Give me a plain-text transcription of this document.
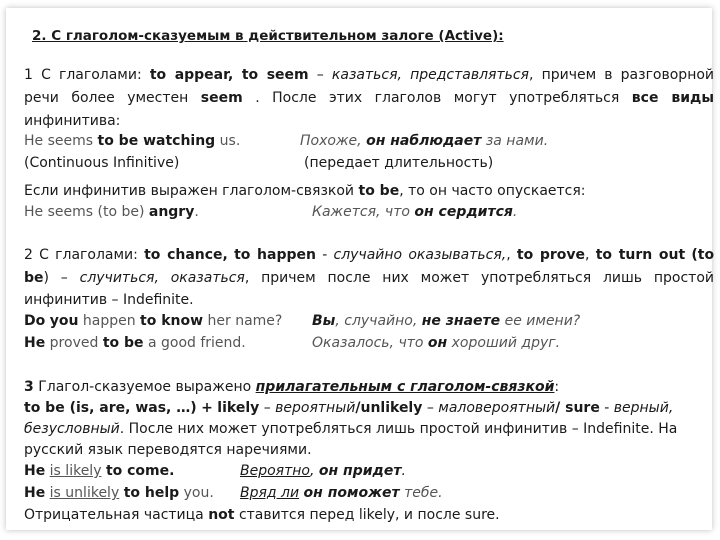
2. С глаголом-сказуемым в действительном залоге (Active):
1 С глаголами: to appear, to seem – казаться, представляться, причем в разговорной
речи более уместен seem . После этих глаголов могут употребляться все виды
инфинитива:
He seems to be watching us.	Похоже, он наблюдает за нами.
(Continuous Infinitive)	(передает длительность)
Если инфинитив выражен глаголом-связкой to be, то он часто опускается:
He seems (to be) angry.	Кажется, что он сердится.
2 С глаголами: to chance, to happen - случайно оказываться,, to prove, to turn out (to
be) – случиться, оказаться, причем после них может употребляться лишь простой
инфинитив – Indefinite.
Do you happen to know her name? Вы, случайно, не знаете ее имени?
He proved to be a good friend.	Оказалось, что он хороший друг.
3 Глагол-сказуемое выражено прилагательным с глаголом-связкой:
to be (is, are, was, …) + likely – вероятный/unlikely – маловероятный/ sure - верный,
безусловный. После них может употребляться лишь простой инфинитив – Indefinite. На
русский язык переводятся наречиями.
He is likely to come.	Вероятно, он придет.
He is unlikely to help you. Вряд ли он поможет тебе.
Отрицательная частица not ставится перед likely, и после sure.
